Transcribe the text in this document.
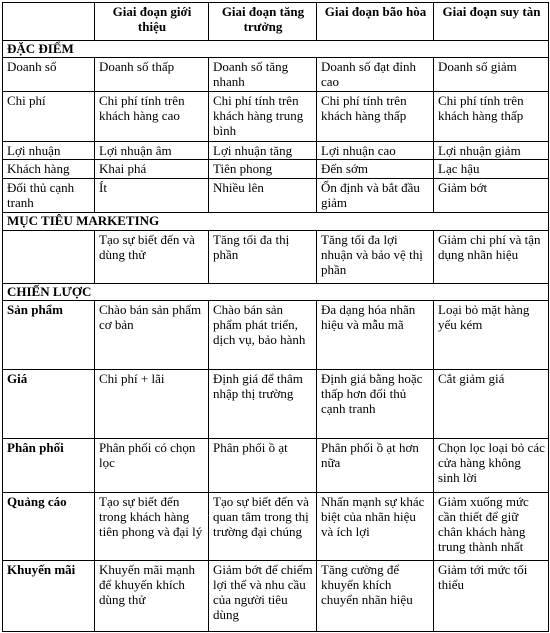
	Giai đoạn giới thiệu	Giai đoạn tăng trưởng	Giai đoạn bão hòa	Giai đoạn suy tàn
ĐẶC ĐIỂM				
Doanh số	Doanh số thấp	Doanh số tăng nhanh	Doanh số đạt đỉnh cao	Doanh số giảm
Chi phí	Chi phí tính trên khách hàng cao	Chi phí tính trên khách hàng trung bình	Chi phí tính trên khách hàng thấp	Chi phí tính trên khách hàng thấp
Lợi nhuận	Lợi nhuận âm	Lợi nhuận tăng	Lợi nhuận cao	Lợi nhuận giảm
Khách hàng	Khai phá	Tiên phong	Đến sớm	Lạc hậu
Đối thủ cạnh tranh	Ít	Nhiều lên	Ổn định và bắt đầu giảm	Giảm bớt
MỤC TIÊU MARKETING				
	Tạo sự biết đến và dùng thử	Tăng tối đa thị phần	Tăng tối đa lợi nhuận và bảo vệ thị phần	Giảm chi phí và tận dụng nhãn hiệu
CHIẾN LƯỢC				
Sản phẩm	Chào bán sản phẩm cơ bản	Chào bán sản phẩm phát triển, dịch vụ, bảo hành	Đa dạng hóa nhãn hiệu và mẫu mã	Loại bỏ mặt hàng yếu kém
Giá	Chi phí + lãi	Định giá để thâm nhập thị trường	Định giá bằng hoặc thấp hơn đối thủ cạnh tranh	Cắt giảm giá
Phân phối	Phân phối có chọn lọc	Phân phối ồ ạt	Phân phối ồ ạt hơn nữa	Chọn lọc loại bỏ các cửa hàng không sinh lời
Quảng cáo	Tạo sự biết đến trong khách hàng tiên phong và đại lý	Tạo sự biết đến và quan tâm trong thị trường đại chúng	Nhấn mạnh sự khác biệt của nhãn hiệu và ích lợi	Giảm xuống mức cần thiết để giữ chân khách hàng trung thành nhất
Khuyến mãi	Khuyến mãi mạnh để khuyến khích dùng thử	Giảm bớt để chiếm lợi thế và nhu cầu của người tiêu dùng	Tăng cường để khuyến khích chuyển nhãn hiệu	Giảm tới mức tối thiểu
